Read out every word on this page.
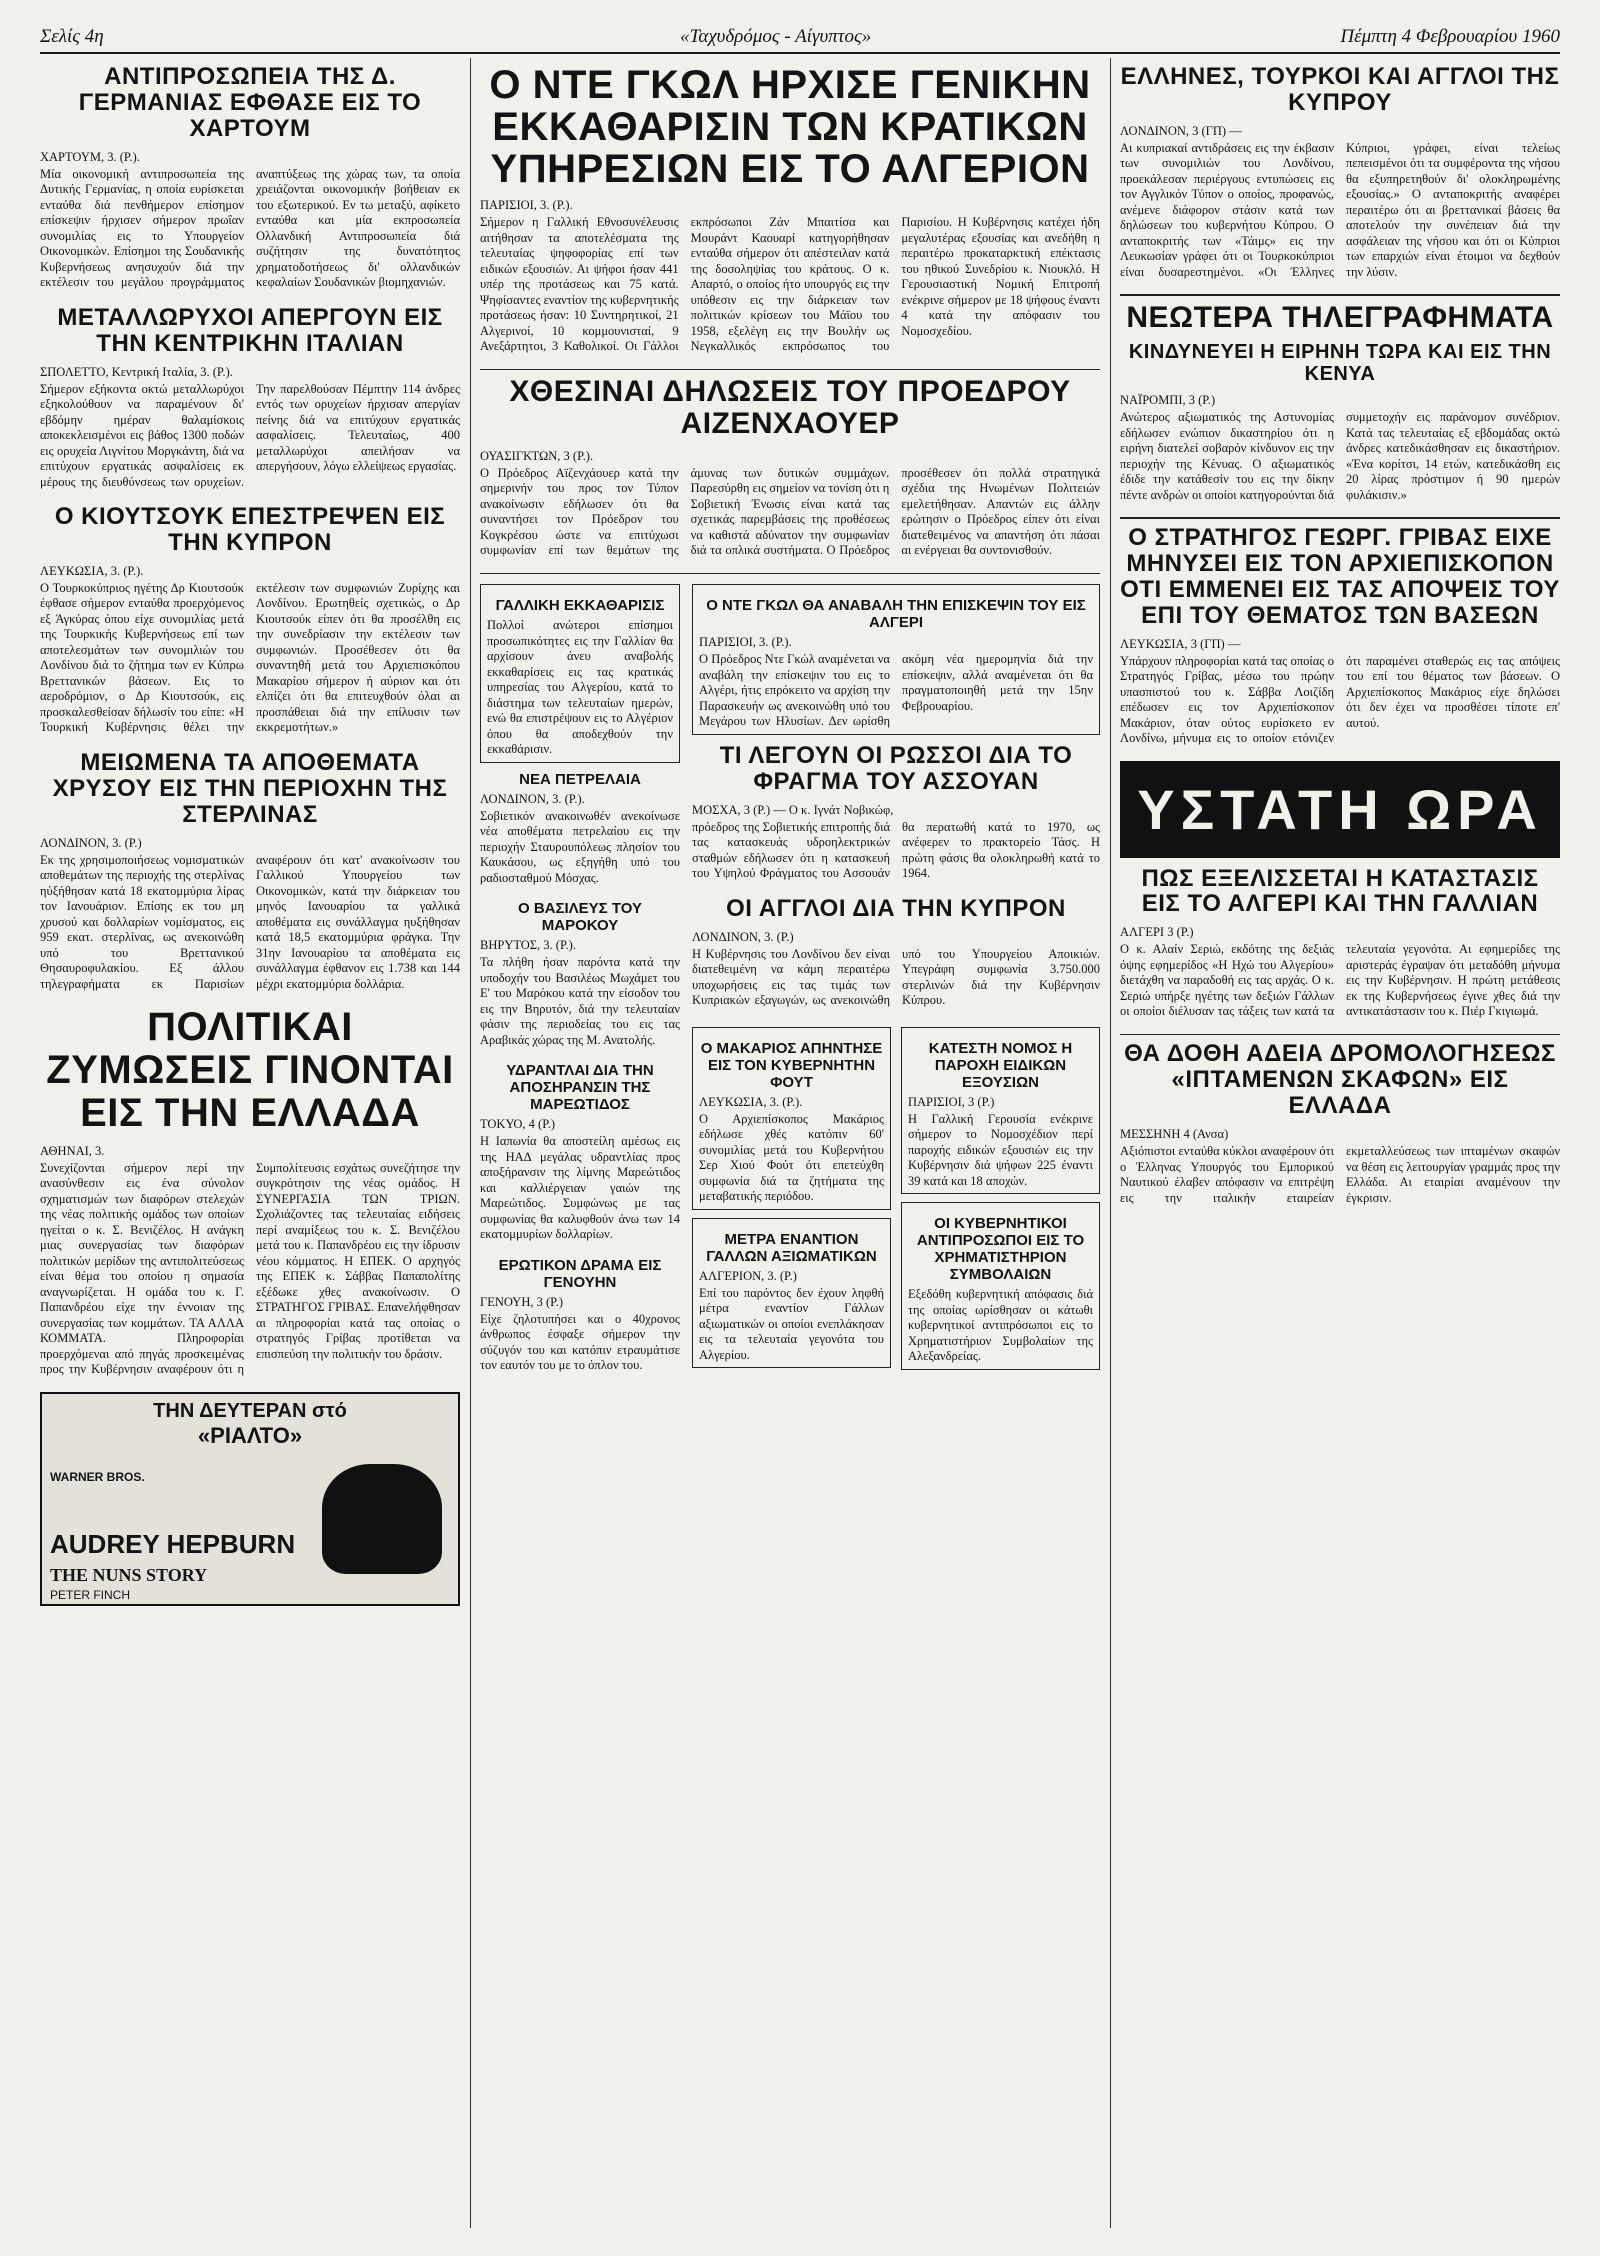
Σελίς 4η	«Ταχυδρόμος - Αίγυπτος»	Πέμπτη 4 Φεβρουαρίου 1960
ΑΝΤΙΠΡΟΣΩΠΕΙΑ ΤΗΣ Δ. ΓΕΡΜΑΝΙΑΣ ΕΦΘΑΣΕ ΕΙΣ ΤΟ ΧΑΡΤΟΥΜ
ΧΑΡΤΟΥΜ, 3. (Ρ.).
Μία οικονομική αντιπροσωπεία της Δυτικής Γερμανίας, η οποία ευρίσκεται ενταύθα διά πενθήμερον επίσημον επίσκεψιν ήρχισεν σήμερον πρωΐαν συνομιλίας εις το Υπουργείον Οικονομικών. Επίσημοι της Σουδανικής Κυβερνήσεως ανησυχούν διά την εκτέλεσιν του μεγάλου προγράμματος αναπτύξεως της χώρας των, τα οποία χρειάζονται οικονομικήν βοήθειαν εκ του εξωτερικού. Εν τω μεταξύ, αφίκετο ενταύθα και μία εκπροσωπεία Ολλανδική Αντιπροσωπεία διά συζήτησιν της δυνατότητος χρηματοδοτήσεως δι' ολλανδικών κεφαλαίων Σουδανικών βιομηχανιών.
ΜΕΤΑΛΛΩΡΥΧΟΙ ΑΠΕΡΓΟΥΝ ΕΙΣ ΤΗΝ ΚΕΝΤΡΙΚΗΝ ΙΤΑΛΙΑΝ
ΣΠΟΛΕΤΤΟ, Κεντρική Ιταλία, 3. (Ρ.).
Σήμερον εξήκοντα οκτώ μεταλλωρύχοι εξηκολούθουν να παραμένουν δι' εβδόμην ημέραν θαλαμίσκοις αποκεκλεισμένοι εις βάθος 1300 ποδών εις ορυχεία Λιγνίτου Μοργκάντη, διά να επιτύχουν εργατικάς ασφαλίσεις εκ μέρους της διευθύνσεως των ορυχείων. Την παρελθούσαν Πέμπτην 114 άνδρες εντός των ορυχείων ήρχισαν απεργίαν πείνης διά να επιτύχουν εργατικάς ασφαλίσεις. Τελευταίως, 400 μεταλλωρύχοι απειλήσαν να απεργήσουν, λόγω ελλείψεως εργασίας.
Ο ΚΙΟΥΤΣΟΥΚ ΕΠΕΣΤΡΕΨΕΝ ΕΙΣ ΤΗΝ ΚΥΠΡΟΝ
ΛΕΥΚΩΣΙΑ, 3. (Ρ.).
Ο Τουρκοκύπριος ηγέτης Δρ Κιουτσούκ έφθασε σήμερον ενταύθα προερχόμενος εξ Άγκύρας όπου είχε συνομιλίας μετά της Τουρκικής Κυβερνήσεως επί των αποτελεσμάτων των συνομιλιών του Λονδίνου διά το ζήτημα των εν Κύπρω Βρεττανικών βάσεων. Εις το αεροδρόμιον, ο Δρ Κιουτσούκ, εις προσκαλεσθείσαν δήλωσίν του είπε: «Η Τουρκική Κυβέρνησις θέλει την εκτέλεσιν των συμφωνιών Ζυρίχης και Λονδίνου. Ερωτηθείς σχετικώς, ο Δρ Κιουτσούκ είπεν ότι θα προσέλθη εις την συνεδρίασιν την εκτέλεσιν των συμφωνιών. Προσέθεσεν ότι θα συναντηθή μετά του Αρχιεπισκόπου Μακαρίου σήμερον ή αύριον και ότι ελπίζει ότι θα επιτευχθούν όλαι αι προσπάθειαι διά την επίλυσιν των εκκρεμοτήτων.»
ΜΕΙΩΜΕΝΑ ΤΑ ΑΠΟΘΕΜΑΤΑ ΧΡΥΣΟΥ ΕΙΣ ΤΗΝ ΠΕΡΙΟΧΗΝ ΤΗΣ ΣΤΕΡΛΙΝΑΣ
ΛΟΝΔΙΝΟΝ, 3. (Ρ.)
Εκ της χρησιμοποιήσεως νομισματικών αποθεμάτων της περιοχής της στερλίνας ηύξήθησαν κατά 18 εκατομμύρια λίρας τον Ιανουάριον. Επίσης εκ του μη χρυσού και δολλαρίων νομίσματος, εις 959 εκατ. στερλίνας, ως ανεκοινώθη υπό του Βρεττανικού Θησαυροφυλακίου. Εξ άλλου τηλεγραφήματα εκ Παρισίων αναφέρουν ότι κατ' ανακοίνωσιν του Γαλλικού Υπουργείου των Οικονομικών, κατά την διάρκειαν του μηνός Ιανουαρίου τα γαλλικά αποθέματα εις συνάλλαγμα ηυξήθησαν κατά 18,5 εκατομμύρια φράγκα. Την 31ην Ιανουαρίου τα αποθέματα εις συνάλλαγμα έφθανον εις 1.738 και 144 μέχρι εκατομμύρια δολλάρια.
ΠΟΛΙΤΙΚΑΙ ΖΥΜΩΣΕΙΣ ΓΙΝΟΝΤΑΙ ΕΙΣ ΤΗΝ ΕΛΛΑΔΑ
ΑΘΗΝΑΙ, 3.
Συνεχίζονται σήμερον περί την ανασύνθεσιν εις ένα σύνολον σχηματισμών των διαφόρων στελεχών της νέας πολιτικής ομάδος των οποίων ηγείται ο κ. Σ. Βενιζέλος. Η ανάγκη μιας συνεργασίας των διαφόρων πολιτικών μερίδων της αντιπολιτεύσεως είναι θέμα του οποίου η σημασία αναγνωρίζεται. Η ομάδα του κ. Γ. Παπανδρέου είχε την έννοιαν της συνεργασίας των κομμάτων. ΤΑ ΑΛΛΑ ΚΟΜΜΑΤΑ. Πληροφορίαι προερχόμεναι από πηγάς προσκειμένας προς την Κυβέρνησιν αναφέρουν ότι η Συμπολίτευσις εσχάτως συνεζήτησε την συγκρότησιν της νέας ομάδος. Η ΣΥΝΕΡΓΑΣΙΑ ΤΩΝ ΤΡΙΩΝ. Σχολιάζοντες τας τελευταίας ειδήσεις περί αναμίξεως του κ. Σ. Βενιζέλου μετά του κ. Παπανδρέου εις την ίδρυσιν νέου κόμματος. Η ΕΠΕΚ. Ο αρχηγός της ΕΠΕΚ κ. Σάββας Παπαπολίτης εξέδωκε χθες ανακοίνωσιν. Ο ΣΤΡΑΤΗΓΟΣ ΓΡΙΒΑΣ. Επανελήφθησαν αι πληροφορίαι κατά τας οποίας ο στρατηγός Γρίβας προτίθεται να επισπεύση την πολιτικήν του δράσιν.
ΤΗΝ ΔΕΥΤΕΡΑΝ στό
«ΡΙΑΛΤΟ»
WARNER BROS.
AUDREY HEPBURN
THE NUNS STORY
PETER FINCH
Ο ΝΤΕ ΓΚΩΛ ΗΡΧΙΣΕ ΓΕΝΙΚΗΝ ΕΚΚΑΘΑΡΙΣΙΝ ΤΩΝ ΚΡΑΤΙΚΩΝ ΥΠΗΡΕΣΙΩΝ ΕΙΣ ΤΟ ΑΛΓΕΡΙΟΝ
ΠΑΡΙΣΙΟΙ, 3. (Ρ.).
Σήμερον η Γαλλική Εθνοσυνέλευσις αιτήθησαν τα αποτελέσματα της τελευταίας ψηφοφορίας επί των ειδικών εξουσιών. Αι ψήφοι ήσαν 441 υπέρ της προτάσεως και 75 κατά. Ψηφίσαντες εναντίον της κυβερνητικής προτάσεως ήσαν: 10 Συντηρητικοί, 21 Αλγερινοί, 10 κομμουνισταί, 9 Ανεξάρτητοι, 3 Καθολικοί. Οι Γάλλοι εκπρόσωποι Ζάν Μπαιτίσα και Μουράντ Καουαρί κατηγορήθησαν ενταύθα σήμερον ότι απέστειλαν κατά της δοσοληψίας του κράτους. Ο κ. Απαρτό, ο οποίος ήτο υπουργός εις την υπόθεσιν εις την διάρκειαν των πολιτικών κρίσεων του Μάϊου του 1958, εξελέγη εις την Βουλήν ως Νεγκαλλικός εκπρόσωπος του Παρισίου. Η Κυβέρνησις κατέχει ήδη μεγαλυτέρας εξουσίας και ανεδήθη η περαιτέρω προκαταρκτική επέκτασις του ηθικού Συνεδρίου κ. Νιουκλό. Η Γερουσιαστική Νομική Επιτροπή ενέκρινε σήμερον με 18 ψήφους έναντι 4 κατά την απόφασιν του Νομοσχεδίου.
ΧΘΕΣΙΝΑΙ ΔΗΛΩΣΕΙΣ ΤΟΥ ΠΡΟΕΔΡΟΥ ΑΙΖΕΝΧΑΟΥΕΡ
ΟΥΑΣΙΓΚΤΩΝ, 3 (Ρ.).
Ο Πρόεδρος Αϊζενχάουερ κατά την σημερινήν του προς τον Τύπον ανακοίνωσιν εδήλωσεν ότι θα συναντήσει τον Πρόεδρον του Κογκρέσου ώστε να επιτύχωσι συμφωνίαν επί των θεμάτων της άμυνας των δυτικών συμμάχων. Παρεσύρθη εις σημείον να τονίση ότι η Σοβιετική Ένωσις είναι κατά τας σχετικάς παρεμβάσεις της προθέσεως να καθιστά αδύνατον την συμφωνίαν διά τα οπλικά συστήματα. Ο Πρόεδρος προσέθεσεν ότι πολλά στρατηγικά σχέδια της Ηνωμένων Πολιτειών εμελετήθησαν. Απαντών εις άλλην ερώτησιν ο Πρόεδρος είπεν ότι είναι διατεθειμένος να απαντήση ότι πάσαι αι ενέργειαι θα συντονισθούν.
ΓΑΛΛΙΚΗ ΕΚΚΑΘΑΡΙΣΙΣ
Πολλοί ανώτεροι επίσημοι προσωπικότητες εις την Γαλλίαν θα αρχίσουν άνευ αναβολής εκκαθαρίσεις εις τας κρατικάς υπηρεσίας του Αλγερίου, κατά το διάστημα των τελευταίων ημερών, ενώ θα επιστρέψουν εις το Αλγέριον όπου θα αποδεχθούν την εκκαθάρισιν.
ΝΕΑ ΠΕΤΡΕΛΑΙΑ
ΛΟΝΔΙΝΟΝ, 3. (Ρ.).
Σοβιετικόν ανακοινωθέν ανεκοίνωσε νέα αποθέματα πετρελαίου εις την περιοχήν Σταυρουπόλεως πλησίον του Καυκάσου, ως εξηγήθη υπό του ραδιοσταθμού Μόσχας.
Ο ΒΑΣΙΛΕΥΣ ΤΟΥ ΜΑΡΟΚΟΥ
ΒΗΡΥΤΟΣ, 3. (Ρ.).
Τα πλήθη ήσαν παρόντα κατά την υποδοχήν του Βασιλέως Μωχάμετ του Ε' του Μαρόκου κατά την είσοδον του εις την Βηρυτόν, διά την τελευταίαν φάσιν της περιοδείας του εις τας Αραβικάς χώρας της Μ. Ανατολής.
ΥΔΡΑΝΤΛΑΙ ΔΙΑ ΤΗΝ ΑΠΟΣΗΡΑΝΣΙΝ ΤΗΣ ΜΑΡΕΩΤΙΔΟΣ
ΤΟΚΥΟ, 4 (Ρ.)
Η Ιαπωνία θα αποστείλη αμέσως εις της ΗΑΔ μεγάλας υδραντλίας προς αποξήρανσιν της λίμνης Μαρεώτιδος και καλλιέργειαν γαιών της Μαρεώτιδος. Συμφώνως με τας συμφωνίας θα καλυφθούν άνω των 14 εκατομμυρίων δολλαρίων.
ΕΡΩΤΙΚΟΝ ΔΡΑΜΑ ΕΙΣ ΓΕΝΟΥΗΝ
ΓΕΝΟΥΗ, 3 (Ρ.)
Είχε ζηλοτυπήσει και ο 40χρονος άνθρωπος έσφαξε σήμερον την σύζυγόν του και κατόπιν ετραυμάτισε τον εαυτόν του με το όπλον του.
Ο ΝΤΕ ΓΚΩΛ ΘΑ ΑΝΑΒΑΛΗ ΤΗΝ ΕΠΙΣΚΕΨΙΝ ΤΟΥ ΕΙΣ ΑΛΓΕΡΙ
ΠΑΡΙΣΙΟΙ, 3. (Ρ.).
Ο Πρόεδρος Ντε Γκώλ αναμένεται να αναβάλη την επίσκεψιν του εις το Αλγέρι, ήτις επρόκειτο να αρχίση την Παρασκευήν ως ανεκοινώθη υπό του Μεγάρου των Ηλυσίων. Δεν ωρίσθη ακόμη νέα ημερομηνία διά την επίσκεψιν, αλλά αναμένεται ότι θα πραγματοποιηθή μετά την 15ην Φεβρουαρίου.
ΤΙ ΛΕΓΟΥΝ ΟΙ ΡΩΣΣΟΙ ΔΙΑ ΤΟ ΦΡΑΓΜΑ ΤΟΥ ΑΣΣΟΥΑΝ
ΜΟΣΧΑ, 3 (Ρ.) — Ο κ. Ιγνάτ Νοβικώφ,
πρόεδρος της Σοβιετικής επιτροπής διά τας κατασκευάς υδροηλεκτρικών σταθμών εδήλωσεν ότι η κατασκευή του Υψηλού Φράγματος του Ασσουάν θα περατωθή κατά το 1970, ως ανέφερεν το πρακτορείο Τάσς. Η πρώτη φάσις θα ολοκληρωθή κατά το 1964.
ΟΙ ΑΓΓΛΟΙ ΔΙΑ ΤΗΝ ΚΥΠΡΟΝ
ΛΟΝΔΙΝΟΝ, 3. (Ρ.)
Η Κυβέρνησις του Λονδίνου δεν είναι διατεθειμένη να κάμη περαιτέρω υποχωρήσεις εις τας τιμάς των Κυπριακών εξαγωγών, ως ανεκοινώθη υπό του Υπουργείου Αποικιών. Υπεγράφη συμφωνία 3.750.000 στερλινών διά την Κυβέρνησιν Κύπρου.
Ο ΜΑΚΑΡΙΟΣ ΑΠΗΝΤΗΣΕ ΕΙΣ ΤΟΝ ΚΥΒΕΡΝΗΤΗΝ ΦΟΥΤ
ΛΕΥΚΩΣΙΑ, 3. (Ρ.).
Ο Αρχιεπίσκοπος Μακάριος εδήλωσε χθές κατόπιν 60' συνομιλίας μετά του Κυβερνήτου Σερ Χιού Φούτ ότι επετεύχθη συμφωνία διά τα ζητήματα της μεταβατικής περιόδου.
ΜΕΤΡΑ ΕΝΑΝΤΙΟΝ ΓΑΛΛΩΝ ΑΞΙΩΜΑΤΙΚΩΝ
ΑΛΓΕΡΙΟΝ, 3. (Ρ.)
Επί του παρόντος δεν έχουν ληφθή μέτρα εναντίον Γάλλων αξιωματικών οι οποίοι ενεπλάκησαν εις τα τελευταία γεγονότα του Αλγερίου.
ΚΑΤΕΣΤΗ ΝΟΜΟΣ Η ΠΑΡΟΧΗ ΕΙΔΙΚΩΝ ΕΞΟΥΣΙΩΝ
ΠΑΡΙΣΙΟΙ, 3 (Ρ.)
Η Γαλλική Γερουσία ενέκρινε σήμερον το Νομοσχέδιον περί παροχής ειδικών εξουσιών εις την Κυβέρνησιν διά ψήφων 225 έναντι 39 κατά και 18 αποχών.
ΟΙ ΚΥΒΕΡΝΗΤΙΚΟΙ ΑΝΤΙΠΡΟΣΩΠΟΙ ΕΙΣ ΤΟ ΧΡΗΜΑΤΙΣΤΗΡΙΟΝ ΣΥΜΒΟΛΑΙΩΝ
Εξεδόθη κυβερνητική απόφασις διά της οποίας ωρίσθησαν οι κάτωθι κυβερνητικοί αντιπρόσωποι εις το Χρηματιστήριον Συμβολαίων της Αλεξανδρείας.
ΕΛΛΗΝΕΣ, ΤΟΥΡΚΟΙ ΚΑΙ ΑΓΓΛΟΙ ΤΗΣ ΚΥΠΡΟΥ
ΛΟΝΔΙΝΟΝ, 3 (ΓΠ) —
Αι κυπριακαί αντιδράσεις εις την έκβασιν των συνομιλιών του Λονδίνου, προεκάλεσαν περιέργους εντυπώσεις εις τον Αγγλικόν Τύπον ο οποίος, προφανώς, ανέμενε διάφορον στάσιν κατά των δηλώσεων του κυβερνήτου Κύπρου. Ο ανταποκριτής των «Τάιμς» εις την Λευκωσίαν γράφει ότι οι Τουρκοκύπριοι είναι δυσαρεστημένοι. «Οι Έλληνες Κύπριοι, γράφει, είναι τελείως πεπεισμένοι ότι τα συμφέροντα της νήσου θα εξυπηρετηθούν δι' ολοκληρωμένης εξουσίας.» Ο ανταποκριτής αναφέρει περαιτέρω ότι αι βρεττανικαί βάσεις θα αποτελούν την συνέπειαν διά την ασφάλειαν της νήσου και ότι οι Κύπριοι των επαρχιών είναι έτοιμοι να δεχθούν την λύσιν.
ΝΕΩΤΕΡΑ ΤΗΛΕΓΡΑΦΗΜΑΤΑ
ΚΙΝΔΥΝΕΥΕΙ Η ΕΙΡΗΝΗ ΤΩΡΑ ΚΑΙ ΕΙΣ ΤΗΝ ΚΕΝΥΑ
ΝΑΪΡΟΜΠΙ, 3 (Ρ.)
Ανώτερος αξιωματικός της Αστυνομίας εδήλωσεν ενώπιον δικαστηρίου ότι η ειρήνη διατελεί σοβαρόν κίνδυνον εις την περιοχήν της Κένυας. Ο αξιωματικός έδιδε την κατάθεσίν του εις την δίκην πέντε ανδρών οι οποίοι κατηγορούνται διά συμμετοχήν εις παράνομον συνέδριον. Κατά τας τελευταίας εξ εβδομάδας οκτώ άνδρες κατεδικάσθησαν εις δικαστήριον. «Ένα κορίτσι, 14 ετών, κατεδικάσθη εις 20 λίρας πρόστιμον ή 90 ημερών φυλάκισιν.»
Ο ΣΤΡΑΤΗΓΟΣ ΓΕΩΡΓ. ΓΡΙΒΑΣ ΕΙΧΕ ΜΗΝΥΣΕΙ ΕΙΣ ΤΟΝ ΑΡΧΙΕΠΙΣΚΟΠΟΝ ΟΤΙ ΕΜΜΕΝΕΙ ΕΙΣ ΤΑΣ ΑΠΟΨΕΙΣ ΤΟΥ ΕΠΙ ΤΟΥ ΘΕΜΑΤΟΣ ΤΩΝ ΒΑΣΕΩΝ
ΛΕΥΚΩΣΙΑ, 3 (ΓΠ) —
Υπάρχουν πληροφορίαι κατά τας οποίας ο Στρατηγός Γρίβας, μέσω του πρώην υπασπιστού του κ. Σάββα Λοιζίδη επέδωσεν εις τον Αρχιεπίσκοπον Μακάριον, όταν ούτος ευρίσκετο εν Λονδίνω, μήνυμα εις το οποίον ετόνιζεν ότι παραμένει σταθερώς εις τας απόψεις του επί του θέματος των βάσεων. Ο Αρχιεπίσκοπος Μακάριος είχε δηλώσει ότι δεν έχει να προσθέσει τίποτε επ' αυτού.
ΥΣΤΑΤΗ ΩΡΑ
ΠΩΣ ΕΞΕΛΙΣΣΕΤΑΙ Η ΚΑΤΑΣΤΑΣΙΣ ΕΙΣ ΤΟ ΑΛΓΕΡΙ ΚΑΙ ΤΗΝ ΓΑΛΛΙΑΝ
ΑΛΓΕΡΙ 3 (Ρ.)
Ο κ. Αλαίν Σεριώ, εκδότης της δεξιάς όψης εφημερίδος «Η Ηχώ του Αλγερίου» διετάχθη να παραδοθή εις τας αρχάς. Ο κ. Σεριώ υπήρξε ηγέτης των δεξιών Γάλλων οι οποίοι διέλυσαν τας τάξεις των κατά τα τελευταία γεγονότα. Αι εφημερίδες της αριστεράς έγραψαν ότι μεταδόθη μήνυμα εις την Κυβέρνησιν. Η πρώτη μετάθεσις εκ της Κυβερνήσεως έγινε χθες διά την αντικατάστασιν του κ. Πιέρ Γκιγιωμά.
ΘΑ ΔΟΘΗ ΑΔΕΙΑ ΔΡΟΜΟΛΟΓΗΣΕΩΣ «ΙΠΤΑΜΕΝΩΝ ΣΚΑΦΩΝ» ΕΙΣ ΕΛΛΑΔΑ
ΜΕΣΣΗΝΗ 4 (Ανσα)
Αξιόπιστοι ενταύθα κύκλοι αναφέρουν ότι ο Έλληνας Υπουργός του Εμπορικού Ναυτικού έλαβεν απόφασιν να επιτρέψη εις την ιταλικήν εταιρείαν εκμεταλλεύσεως των ιπταμένων σκαφών να θέση εις λειτουργίαν γραμμάς προς την Ελλάδα. Αι εταιρίαι αναμένουν την έγκρισιν.
